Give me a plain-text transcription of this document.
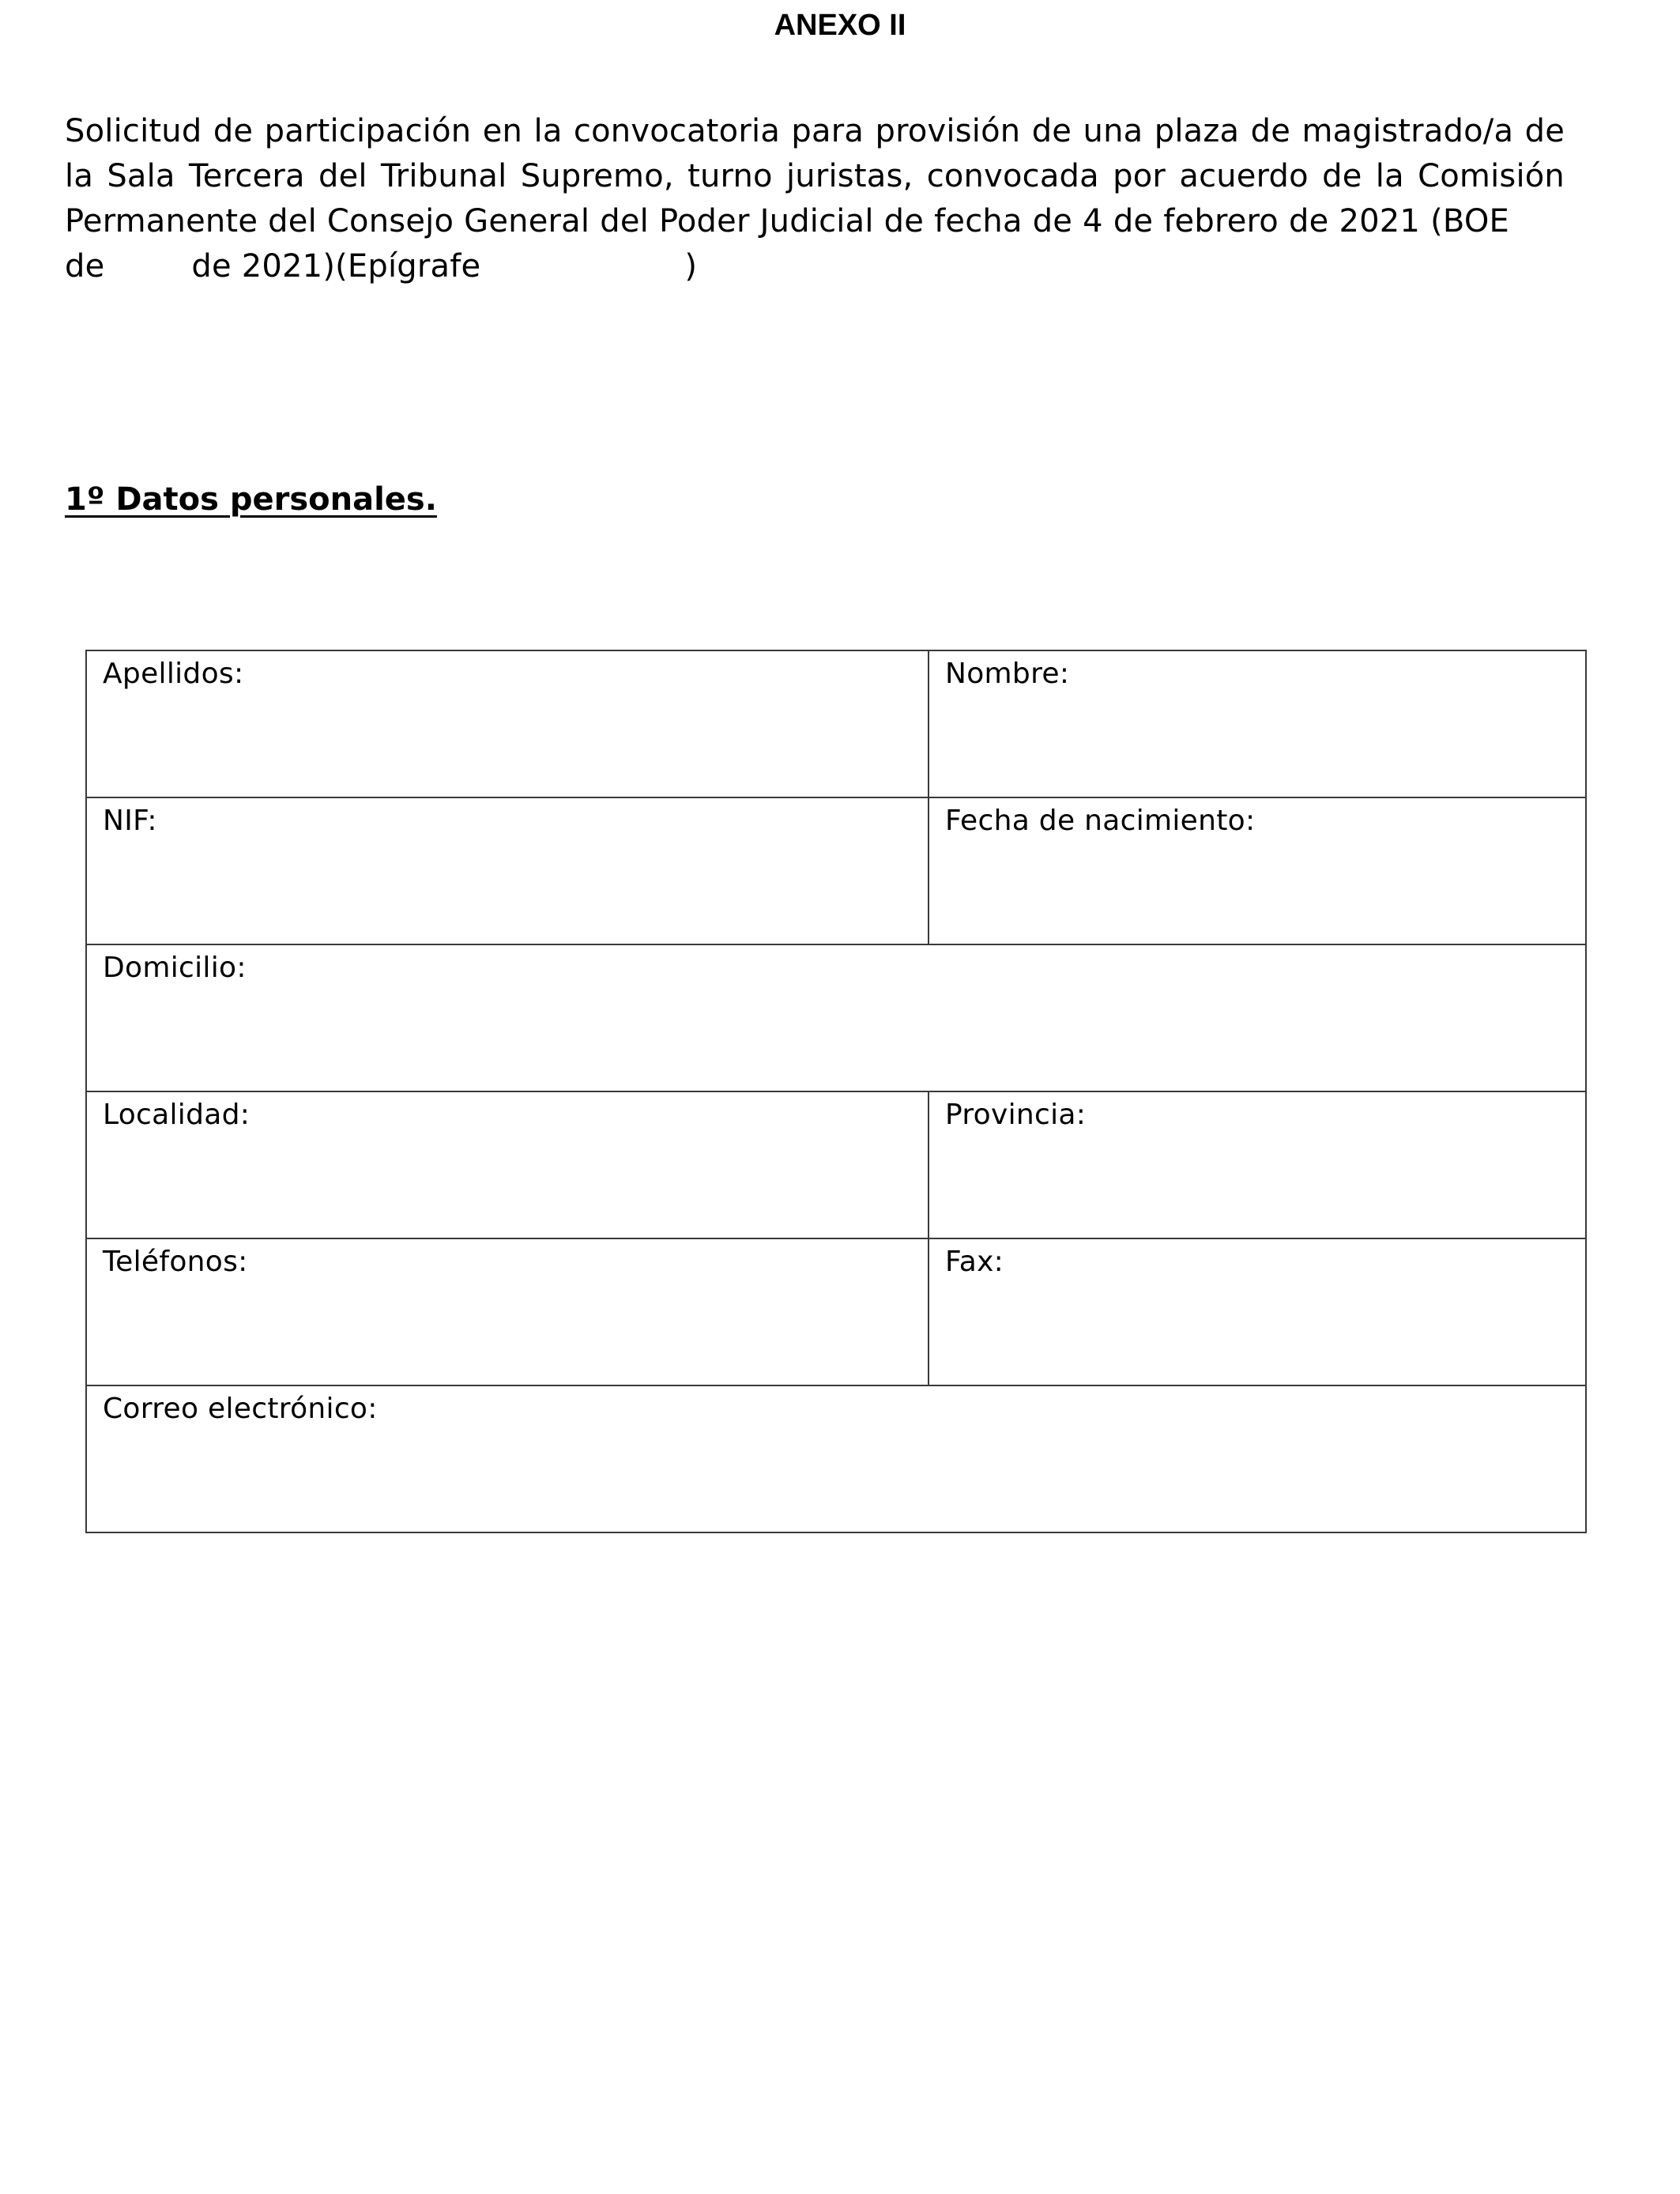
ANEXO II
Solicitud de participación en la convocatoria para provisión de una plaza de magistrado/a de la Sala Tercera del Tribunal Supremo, turno juristas, convocada por acuerdo de la Comisión Permanente del Consejo General del Poder Judicial de fecha de 4 de febrero de 2021 (BOEde	de 2021)(Epígrafe	)
1º Datos personales.
Apellidos:	Nombre:

NIF:	Fecha de nacimiento:

Domicilio:	

Localidad:	Provincia:

Teléfonos:	Fax:

Correo electrónico:	
